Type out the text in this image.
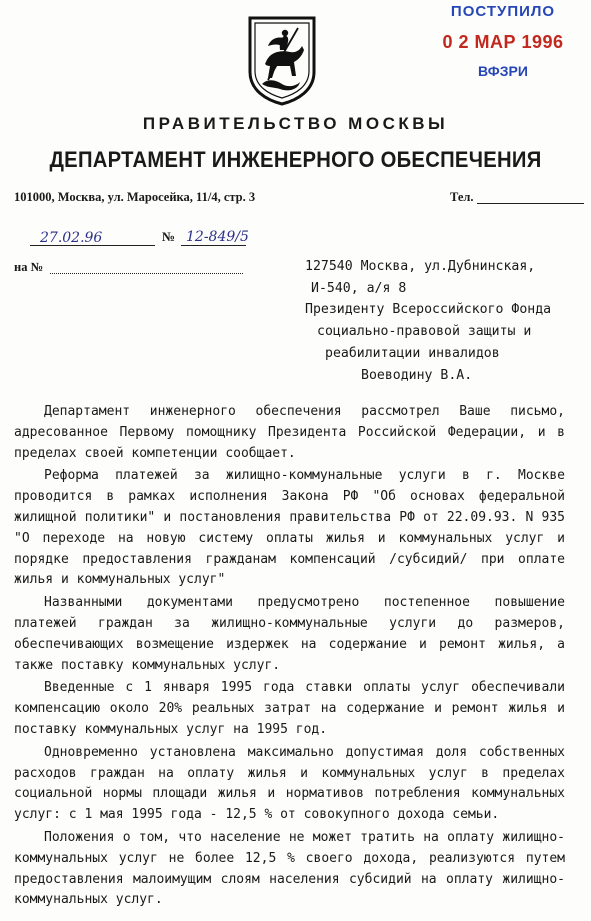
ПОСТУПИЛО
0 2 МАР 1996
ВФЗРИ
ПРАВИТЕЛЬСТВО МОСКВЫ
ДЕПАРТАМЕНТ ИНЖЕНЕРНОГО ОБЕСПЕЧЕНИЯ
101000, Москва, ул. Маросейка, 11/4, стр. 3	Тел.
27.02.96	№ 12-849/5
на №	127540 Москва, ул.Дубнинская,
И-540, а/я 8
Президенту Всероссийского Фонда
социально-правовой защиты и
реабилитации инвалидов
Воеводину В.А.

Департамент инженерного обеспечения рассмотрел Ваше письмо, адресованное Первому помощнику Президента Российской Федерации, и в пределах своей компетенции сообщает.

Реформа платежей за жилищно-коммунальные услуги в г. Москве проводится в рамках исполнения Закона РФ "Об основах федеральной жилищной политики" и постановления правительства РФ от 22.09.93. N 935 "О переходе на новую систему оплаты жилья и коммунальных услуг и порядке предоставления гражданам компенсаций /субсидий/ при оплате жилья и коммунальных услуг"

Названными документами предусмотрено постепенное повышение платежей граждан за жилищно-коммунальные услуги до размеров, обеспечивающих возмещение издержек на содержание и ремонт жилья, а также поставку коммунальных услуг.

Введенные с 1 января 1995 года ставки оплаты услуг обеспечивали компенсацию около 20% реальных затрат на содержание и ремонт жилья и поставку коммунальных услуг на 1995 год.

Одновременно установлена максимально допустимая доля собственных расходов граждан на оплату жилья и коммунальных услуг в пределах социальной нормы площади жилья и нормативов потребления коммунальных услуг: с 1 мая 1995 года - 12,5 % от совокупного дохода семьи.

Положения о том, что население не может тратить на оплату жилищно-коммунальных услуг не более 12,5 % своего дохода, реализуются путем предоставления малоимущим слоям населения субсидий на оплату жилищно-коммунальных услуг.
